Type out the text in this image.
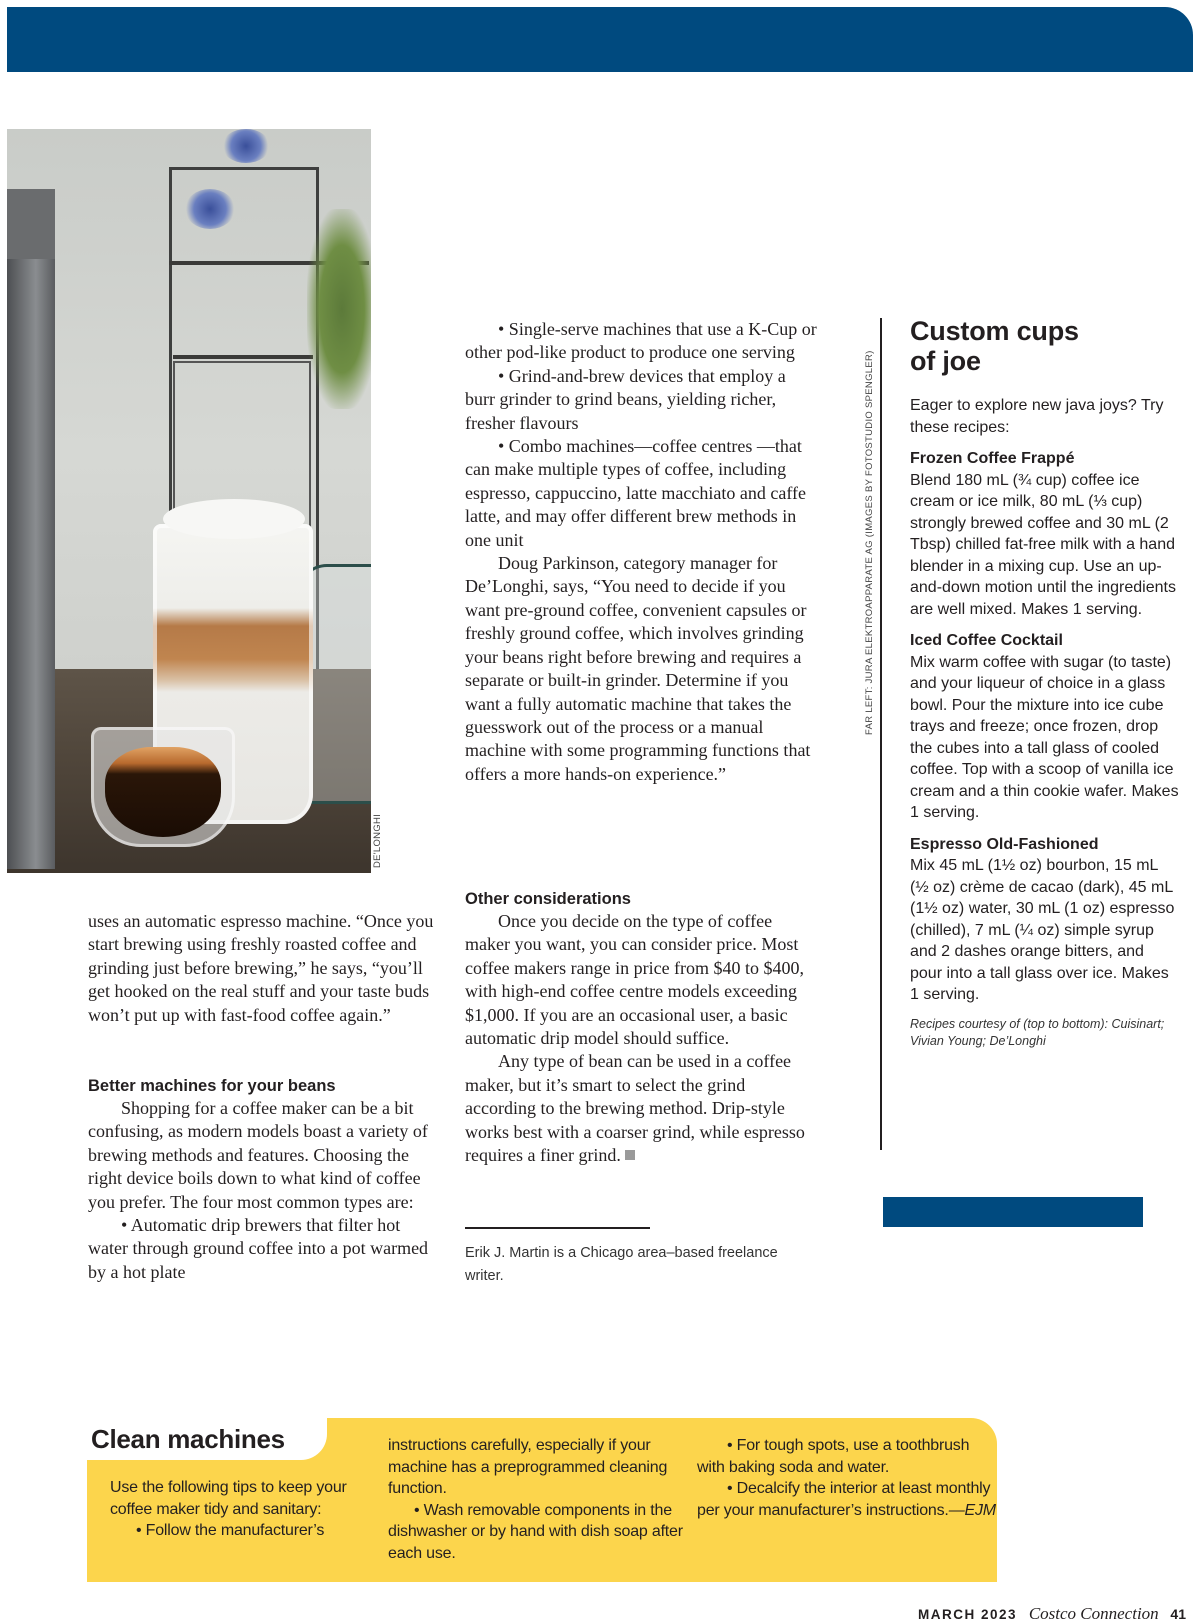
DE'LONGHI

uses an automatic espresso machine. “Once you start brewing using freshly roasted coffee and grinding just before brewing,” he says, “you’ll get hooked on the real stuff and your taste buds won’t put up with fast-food coffee again.”

Better machines for your beans

Shopping for a coffee maker can be a bit confusing, as modern models boast a variety of brewing methods and features. Choosing the right device boils down to what kind of coffee you prefer. The four most common types are:

• Automatic drip brewers that filter hot water through ground coffee into a pot warmed by a hot plate

• Single-serve machines that use a K-Cup or other pod-like product to produce one serving

• Grind-and-brew devices that employ a burr grinder to grind beans, yielding richer, fresher flavours

• Combo machines—coffee centres —that can make multiple types of coffee, including espresso, cappuccino, latte macchiato and caffe latte, and may offer different brew methods in one unit

Doug Parkinson, category manager for De’Longhi, says, “You need to decide if you want pre-ground coffee, convenient capsules or freshly ground coffee, which involves grinding your beans right before brewing and requires a separate or built-in grinder. Determine if you want a fully automatic machine that takes the guesswork out of the process or a manual machine with some programming functions that offers a more hands-on experience.”

Other considerations

Once you decide on the type of coffee maker you want, you can consider price. Most coffee makers range in price from $40 to $400, with high-end coffee centre models exceeding $1,000. If you are an occasional user, a basic automatic drip model should suffice.

Any type of bean can be used in a coffee maker, but it’s smart to select the grind according to the brewing method. Drip-style works best with a coarser grind, while espresso requires a finer grind.

Erik J. Martin is a Chicago area–based freelance writer.
FAR LEFT: JURA ELEKTROAPPARATE AG (IMAGES BY FOTOSTUDIO SPENGLER)
Custom cups
of joe
Eager to explore new java joys? Try these recipes:
Frozen Coffee Frappé
Blend 180 mL (¾ cup) coffee ice cream or ice milk, 80 mL (⅓ cup) strongly brewed coffee and 30 mL (2 Tbsp) chilled fat-free milk with a hand blender in a mixing cup. Use an up-and-down motion until the ingredients are well mixed. Makes 1 serving.
Iced Coffee Cocktail
Mix warm coffee with sugar (to taste) and your liqueur of choice in a glass bowl. Pour the mixture into ice cube trays and freeze; once frozen, drop the cubes into a tall glass of cooled coffee. Top with a scoop of vanilla ice cream and a thin cookie wafer. Makes 1 serving.
Espresso Old-Fashioned
Mix 45 mL (1½ oz) bourbon, 15 mL (½ oz) crème de cacao (dark), 45 mL (1½ oz) water, 30 mL (1 oz) espresso (chilled), 7 mL (¼ oz) simple syrup and 2 dashes orange bitters, and pour into a tall glass over ice. Makes 1 serving.
Recipes courtesy of (top to bottom): Cuisinart; Vivian Young; De’Longhi
Clean machines

Use the following tips to keep your coffee maker tidy and sanitary:

• Follow the manufacturer’s

instructions carefully, especially if your machine has a preprogrammed cleaning function.

• Wash removable components in the dishwasher or by hand with dish soap after each use.

• For tough spots, use a toothbrush with baking soda and water.

• Decalcify the interior at least monthly per your manufacturer’s instructions.—EJM

MARCH 2023 Costco Connection 41
